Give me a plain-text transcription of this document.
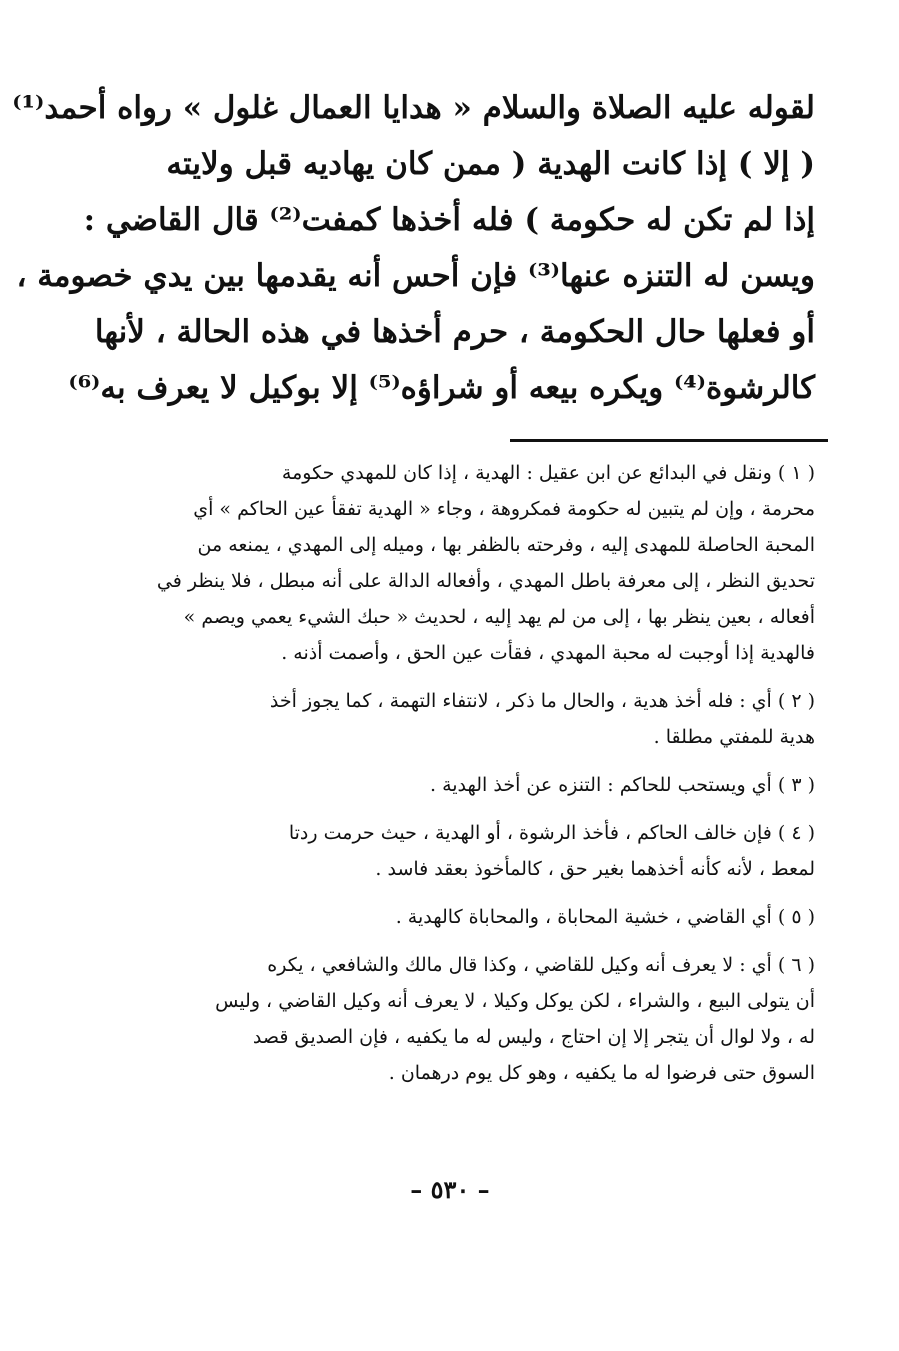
لقوله عليه الصلاة والسلام « هدايا العمال غلول » رواه أحمد⁽¹⁾
( إلا ) إذا كانت الهدية ( ممن كان يهاديه قبل ولايته
إذا لم تكن له حكومة ) فله أخذها كمفت⁽²⁾ قال القاضي :
ويسن له التنزه عنها⁽³⁾ فإن أحس أنه يقدمها بين يدي خصومة ،
أو فعلها حال الحكومة ، حرم أخذها في هذه الحالة ، لأنها
كالرشوة⁽⁴⁾ ويكره بيعه أو شراؤه⁽⁵⁾ إلا بوكيل لا يعرف به⁽⁶⁾
( ١ ) ونقل في البدائع عن ابن عقيل : الهدية ، إذا كان للمهدي حكومة
محرمة ، وإن لم يتبين له حكومة فمكروهة ، وجاء « الهدية تفقأ عين الحاكم » أي
المحبة الحاصلة للمهدى إليه ، وفرحته بالظفر بها ، وميله إلى المهدي ، يمنعه من
تحديق النظر ، إلى معرفة باطل المهدي ، وأفعاله الدالة على أنه مبطل ، فلا ينظر في
أفعاله ، بعين ينظر بها ، إلى من لم يهد إليه ، لحديث « حبك الشيء يعمي ويصم »
فالهدية إذا أوجبت له محبة المهدي ، فقأت عين الحق ، وأصمت أذنه .
( ٢ ) أي : فله أخذ هدية ، والحال ما ذكر ، لانتفاء التهمة ، كما يجوز أخذ
هدية للمفتي مطلقا .
( ٣ ) أي ويستحب للحاكم : التنزه عن أخذ الهدية .
( ٤ ) فإن خالف الحاكم ، فأخذ الرشوة ، أو الهدية ، حيث حرمت ردتا
لمعط ، لأنه كأنه أخذهما بغير حق ، كالمأخوذ بعقد فاسد .
( ٥ ) أي القاضي ، خشية المحاباة ، والمحاباة كالهدية .
( ٦ ) أي : لا يعرف أنه وكيل للقاضي ، وكذا قال مالك والشافعي ، يكره
أن يتولى البيع ، والشراء ، لكن يوكل وكيلا ، لا يعرف أنه وكيل القاضي ، وليس
له ، ولا لوال أن يتجر إلا إن احتاج ، وليس له ما يكفيه ، فإن الصديق قصد
السوق حتى فرضوا له ما يكفيه ، وهو كل يوم درهمان .
– ٥٣٠ –
